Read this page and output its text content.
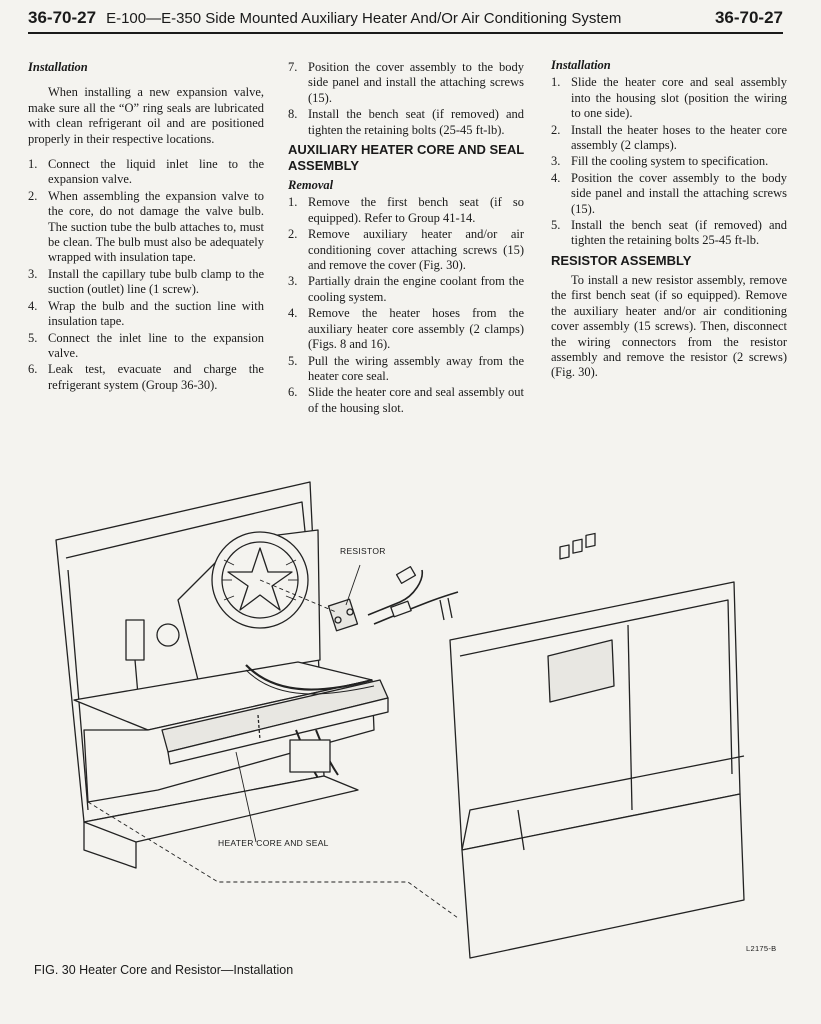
36-70-27 E-100—E-350 Side Mounted Auxiliary Heater And/Or Air Conditioning System	36-70-27
Installation

When installing a new expansion valve, make sure all the “O” ring seals are lubricated with clean refrigerant oil and are positioned properly in their respective locations.

1. Connect the liquid inlet line to the expansion valve.
2. When assembling the expansion valve to the core, do not damage the valve bulb. The suction tube the bulb attaches to, must be clean. The bulb must also be adequately wrapped with insulation tape.
3. Install the capillary tube bulb clamp to the suction (outlet) line (1 screw).
4. Wrap the bulb and the suction line with insulation tape.
5. Connect the inlet line to the expansion valve.
6. Leak test, evacuate and charge the refrigerant system (Group 36-30).
7. Position the cover assembly to the body side panel and install the attaching screws (15).
8. Install the bench seat (if removed) and tighten the retaining bolts (25-45 ft-lb).
AUXILIARY HEATER CORE AND SEAL ASSEMBLY
Removal
1. Remove the first bench seat (if so equipped). Refer to Group 41-14.
2. Remove auxiliary heater and/or air conditioning cover attaching screws (15) and remove the cover (Fig. 30).
3. Partially drain the engine coolant from the cooling system.
4. Remove the heater hoses from the auxiliary heater core assembly (2 clamps) (Figs. 8 and 16).
5. Pull the wiring assembly away from the heater core seal.
6. Slide the heater core and seal assembly out of the housing slot.
Installation
1. Slide the heater core and seal assembly into the housing slot (position the wiring to one side).
2. Install the heater hoses to the heater core assembly (2 clamps).
3. Fill the cooling system to specification.
4. Position the cover assembly to the body side panel and install the attaching screws (15).
5. Install the bench seat (if removed) and tighten the retaining bolts 25-45 ft-lb.
RESISTOR ASSEMBLY

To install a new resistor assembly, remove the first bench seat (if so equipped). Remove the auxiliary heater and/or air conditioning cover assembly (15 screws). Then, disconnect the wiring connectors from the resistor assembly and remove the resistor (2 screws) (Fig. 30).

RESISTOR
HEATER CORE AND SEAL
L2175-B
FIG. 30 Heater Core and Resistor—Installation
